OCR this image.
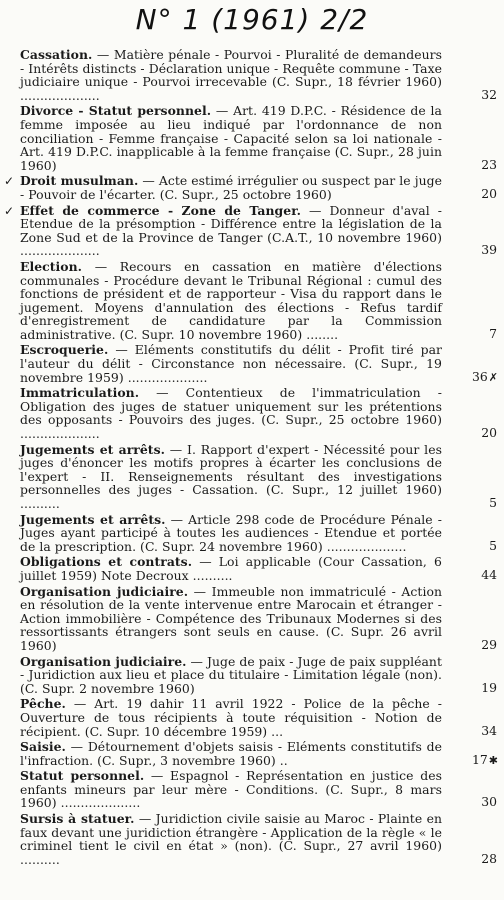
N° 1 (1961) 2/2
Cassation. — Matière pénale - Pourvoi - Pluralité de demandeurs - Intérêts distincts - Déclaration unique - Requête commune - Taxe judiciaire unique - Pourvoi irrecevable (C. Supr., 18 février 1960) ....................	32
Divorce - Statut personnel. — Art. 419 D.P.C. - Résidence de la femme imposée au lieu indiqué par l'ordonnance de non conciliation - Femme française - Capacité selon sa loi nationale - Art. 419 D.P.C. inapplicable à la femme française (C. Supr., 28 juin 1960)	23
✓ Droit musulman. — Acte estimé irrégulier ou suspect par le juge - Pouvoir de l'écarter. (C. Supr., 25 octobre 1960)	20
✓ Effet de commerce - Zone de Tanger. — Donneur d'aval - Etendue de la présomption - Différence entre la législation de la Zone Sud et de la Province de Tanger (C.A.T., 10 novembre 1960) ....................	39
Election. — Recours en cassation en matière d'élections communales - Procédure devant le Tribunal Régional : cumul des fonctions de président et de rapporteur - Visa du rapport dans le jugement. Moyens d'annulation des élections - Refus tardif d'enregistrement de candidature par la Commission administrative. (C. Supr. 10 novembre 1960) ........	7
Escroquerie. — Eléments constitutifs du délit - Profit tiré par l'auteur du délit - Circonstance non nécessaire. (C. Supr., 19 novembre 1959) ....................	36✗
Immatriculation. — Contentieux de l'immatriculation - Obligation des juges de statuer uniquement sur les prétentions des opposants - Pouvoirs des juges. (C. Supr., 25 octobre 1960) ....................	20
Jugements et arrêts. — I. Rapport d'expert - Nécessité pour les juges d'énoncer les motifs propres à écarter les conclusions de l'expert - II. Renseignements résultant des investigations personnelles des juges - Cassation. (C. Supr., 12 juillet 1960) ..........	5
Jugements et arrêts. — Article 298 code de Procédure Pénale - Juges ayant participé à toutes les audiences - Etendue et portée de la prescription. (C. Supr. 24 novembre 1960) ....................	5
Obligations et contrats. — Loi applicable (Cour Cassation, 6 juillet 1959) Note Decroux ..........	44
Organisation judiciaire. — Immeuble non immatriculé - Action en résolution de la vente intervenue entre Marocain et étranger - Action immobilière - Compétence des Tribunaux Modernes si des ressortissants étrangers sont seuls en cause. (C. Supr. 26 avril 1960)	29
Organisation judiciaire. — Juge de paix - Juge de paix suppléant - Juridiction aux lieu et place du titulaire - Limitation légale (non). (C. Supr. 2 novembre 1960)	19
Pêche. — Art. 19 dahir 11 avril 1922 - Police de la pêche - Ouverture de tous récipients à toute réquisition - Notion de récipient. (C. Supr. 10 décembre 1959) ...	34
Saisie. — Détournement d'objets saisis - Eléments constitutifs de l'infraction. (C. Supr., 3 novembre 1960) ..	17✱
Statut personnel. — Espagnol - Représentation en justice des enfants mineurs par leur mère - Conditions. (C. Supr., 8 mars 1960) ....................	30
Sursis à statuer. — Juridiction civile saisie au Maroc - Plainte en faux devant une juridiction étrangère - Application de la règle « le criminel tient le civil en état » (non). (C. Supr., 27 avril 1960) ..........	28
